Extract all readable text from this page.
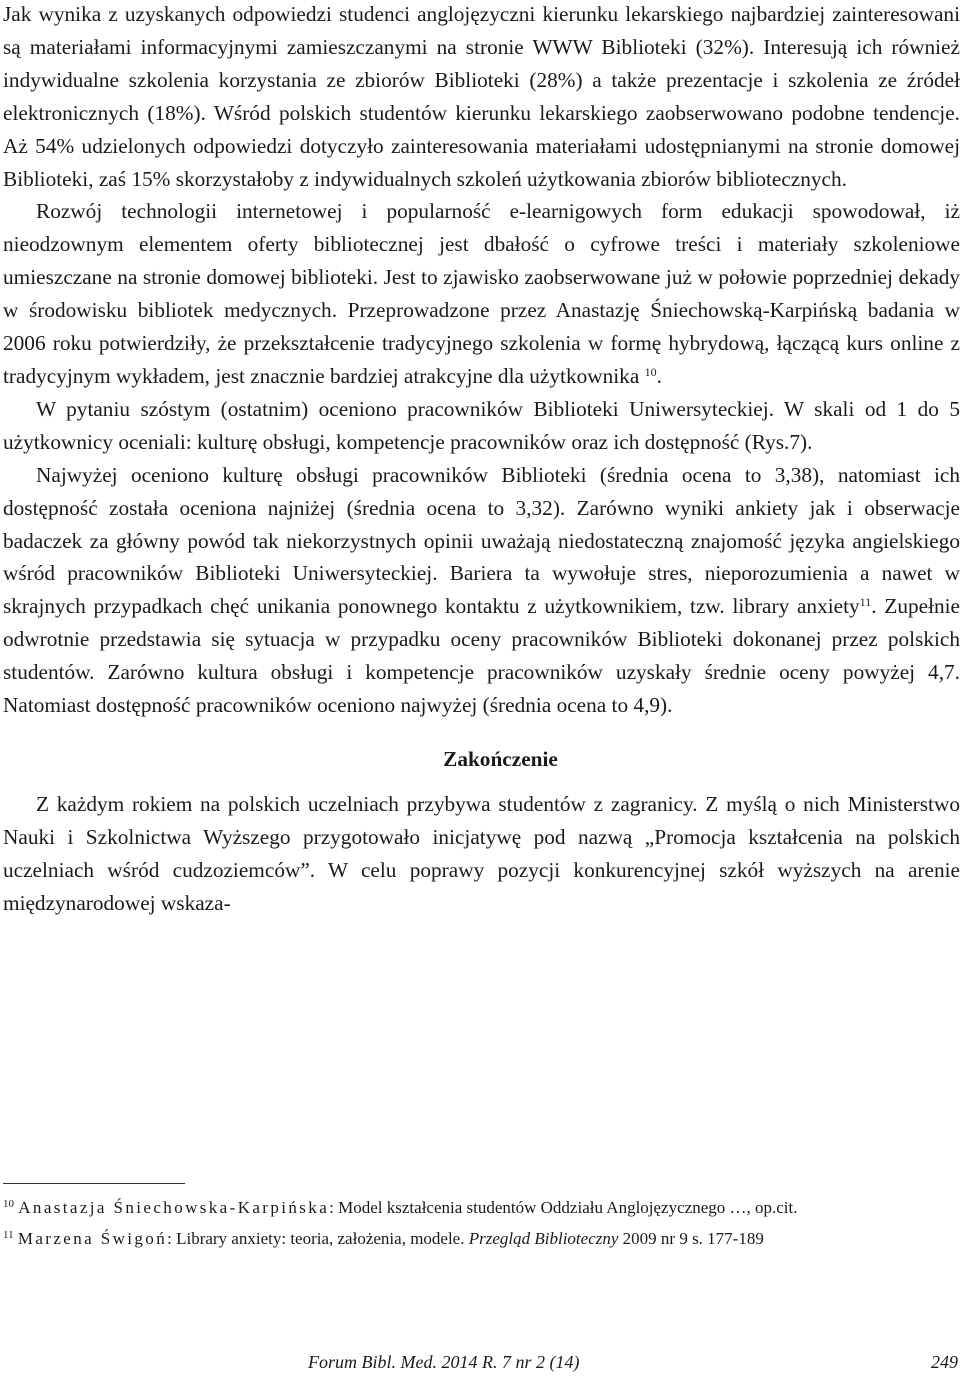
Jak wynika z uzyskanych odpowiedzi studenci anglojęzyczni kierunku lekarskiego najbardziej zainteresowani są materiałami informacyjnymi zamieszczanymi na stronie WWW Biblioteki (32%). Interesują ich również indywidualne szkolenia korzystania ze zbiorów Biblioteki (28%) a także prezentacje i szkolenia ze źródeł elektronicznych (18%). Wśród polskich studentów kierunku lekarskiego zaobserwowano podobne tendencje. Aż 54% udzielonych odpowiedzi dotyczyło zainteresowania materiałami udostępnianymi na stronie domowej Biblioteki, zaś 15% skorzystałoby z indywidualnych szkoleń użytkowania zbiorów bibliotecznych.

Rozwój technologii internetowej i popularność e-learnigowych form edukacji spowodował, iż nieodzownym elementem oferty bibliotecznej jest dbałość o cyfrowe treści i materiały szkoleniowe umieszczane na stronie domowej biblioteki. Jest to zjawisko zaobserwowane już w połowie poprzedniej dekady w środowisku bibliotek medycznych. Przeprowadzone przez Anastazję Śniechowską-Karpińską badania w 2006 roku potwierdziły, że przekształcenie tradycyjnego szkolenia w formę hybrydową, łączącą kurs online z tradycyjnym wykładem, jest znacznie bardziej atrakcyjne dla użytkownika $^{10}$.

W pytaniu szóstym (ostatnim) oceniono pracowników Biblioteki Uniwersyteckiej. W skali od 1 do 5 użytkownicy oceniali: kulturę obsługi, kompetencje pracowników oraz ich dostępność (Rys.7).

Najwyżej oceniono kulturę obsługi pracowników Biblioteki (średnia ocena to 3,38), natomiast ich dostępność została oceniona najniżej (średnia ocena to 3,32). Zarówno wyniki ankiety jak i obserwacje badaczek za główny powód tak niekorzystnych opinii uważają niedostateczną znajomość języka angielskiego wśród pracowników Biblioteki Uniwersyteckiej. Bariera ta wywołuje stres, nieporozumienia a nawet w skrajnych przypadkach chęć unikania ponownego kontaktu z użytkownikiem, tzw. library anxiety$^{11}$. Zupełnie odwrotnie przedstawia się sytuacja w przypadku oceny pracowników Biblioteki dokonanej przez polskich studentów. Zarówno kultura obsługi i kompetencje pracowników uzyskały średnie oceny powyżej 4,7. Natomiast dostępność pracowników oceniono najwyżej (średnia ocena to 4,9).

Zakończenie

Z każdym rokiem na polskich uczelniach przybywa studentów z zagranicy. Z myślą o nich Ministerstwo Nauki i Szkolnictwa Wyższego przygotowało inicjatywę pod nazwą „Promocja kształcenia na polskich uczelniach wśród cudzoziemców”. W celu poprawy pozycji konkurencyjnej szkół wyższych na arenie międzynarodowej wskaza-

$^{10}$ Anastazja Śniechowska-Karpińska: Model kształcenia studentów Oddziału Anglojęzycznego …, op.cit.

$^{11}$ Marzena Świgoń: Library anxiety: teoria, założenia, modele. Przegląd Biblioteczny 2009 nr 9 s. 177-189

Forum Bibl. Med. 2014 R. 7 nr 2 (14)	249
